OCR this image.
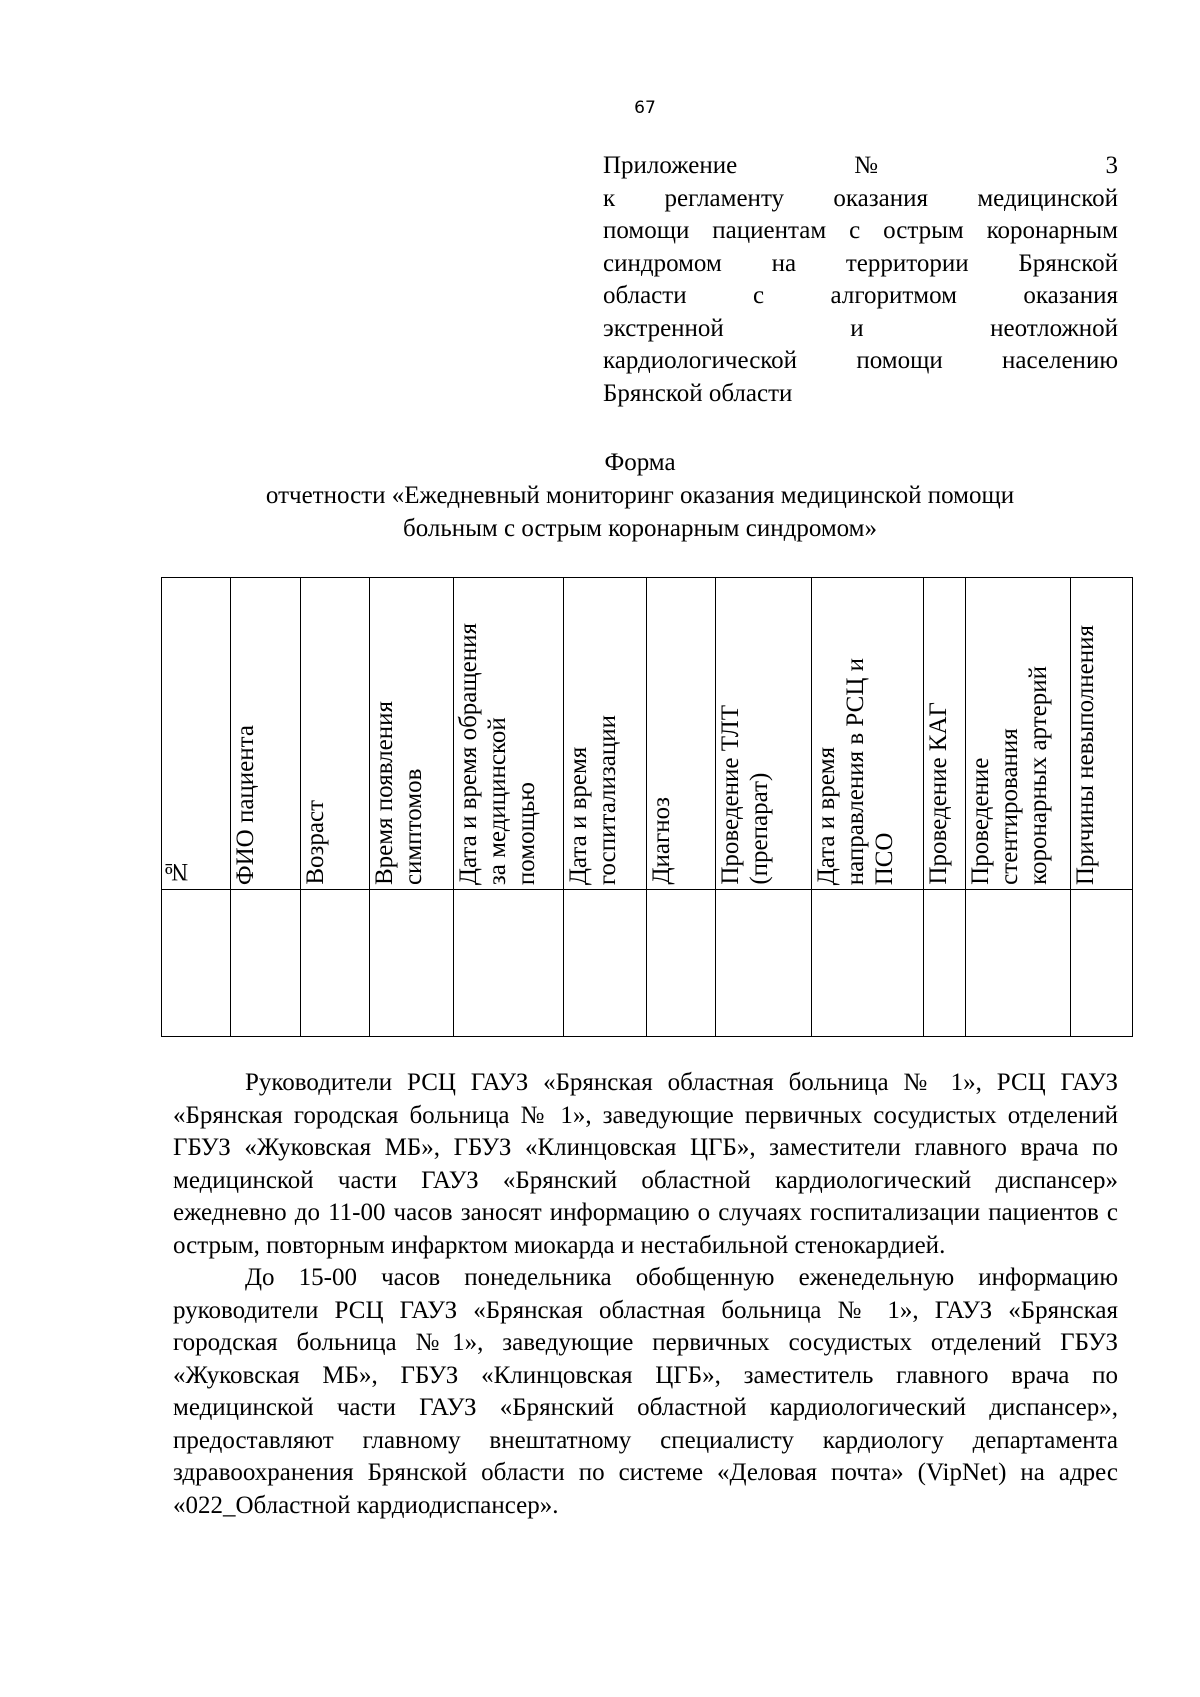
67
Приложение № 3
к регламенту оказания медицинской
помощи пациентам с острым коронарным
синдромом на территории Брянской
области с алгоритмом оказания
экстренной и неотложной
кардиологической помощи населению
Брянской области
Форма
отчетности «Ежедневный мониторинг оказания медицинской помощи
больным с острым коронарным синдромом»
№	ФИО пациента	Возраст	Время появления
симптомов	Дата и время обращения
за медицинской
помощью	Дата и время
госпитализации	Диагноз	Проведение ТЛТ
(препарат)	Дата и время
направления в РСЦ и
ПСО	Проведение КАГ	Проведение
стентирования
коронарных артерий	Причины невыполнения

Руководители РСЦ ГАУЗ «Брянская областная больница № 1», РСЦ ГАУЗ «Брянская городская больница № 1», заведующие первичных сосудистых отделений ГБУЗ «Жуковская МБ», ГБУЗ «Клинцовская ЦГБ», заместители главного врача по медицинской части ГАУЗ «Брянский областной кардиологический диспансер» ежедневно до 11-00 часов заносят информацию о случаях госпитализации пациентов с острым, повторным инфарктом миокарда и нестабильной стенокардией.

До 15-00 часов понедельника обобщенную еженедельную информацию руководители РСЦ ГАУЗ «Брянская областная больница № 1», ГАУЗ «Брянская городская больница №1», заведующие первичных сосудистых отделений ГБУЗ «Жуковская МБ», ГБУЗ «Клинцовская ЦГБ», заместитель главного врача по медицинской части ГАУЗ «Брянский областной кардиологический диспансер», предоставляют главному внештатному специалисту кардиологу департамента здравоохранения Брянской области по системе «Деловая почта» (VipNet) на адрес «022_Областной кардиодиспансер».
